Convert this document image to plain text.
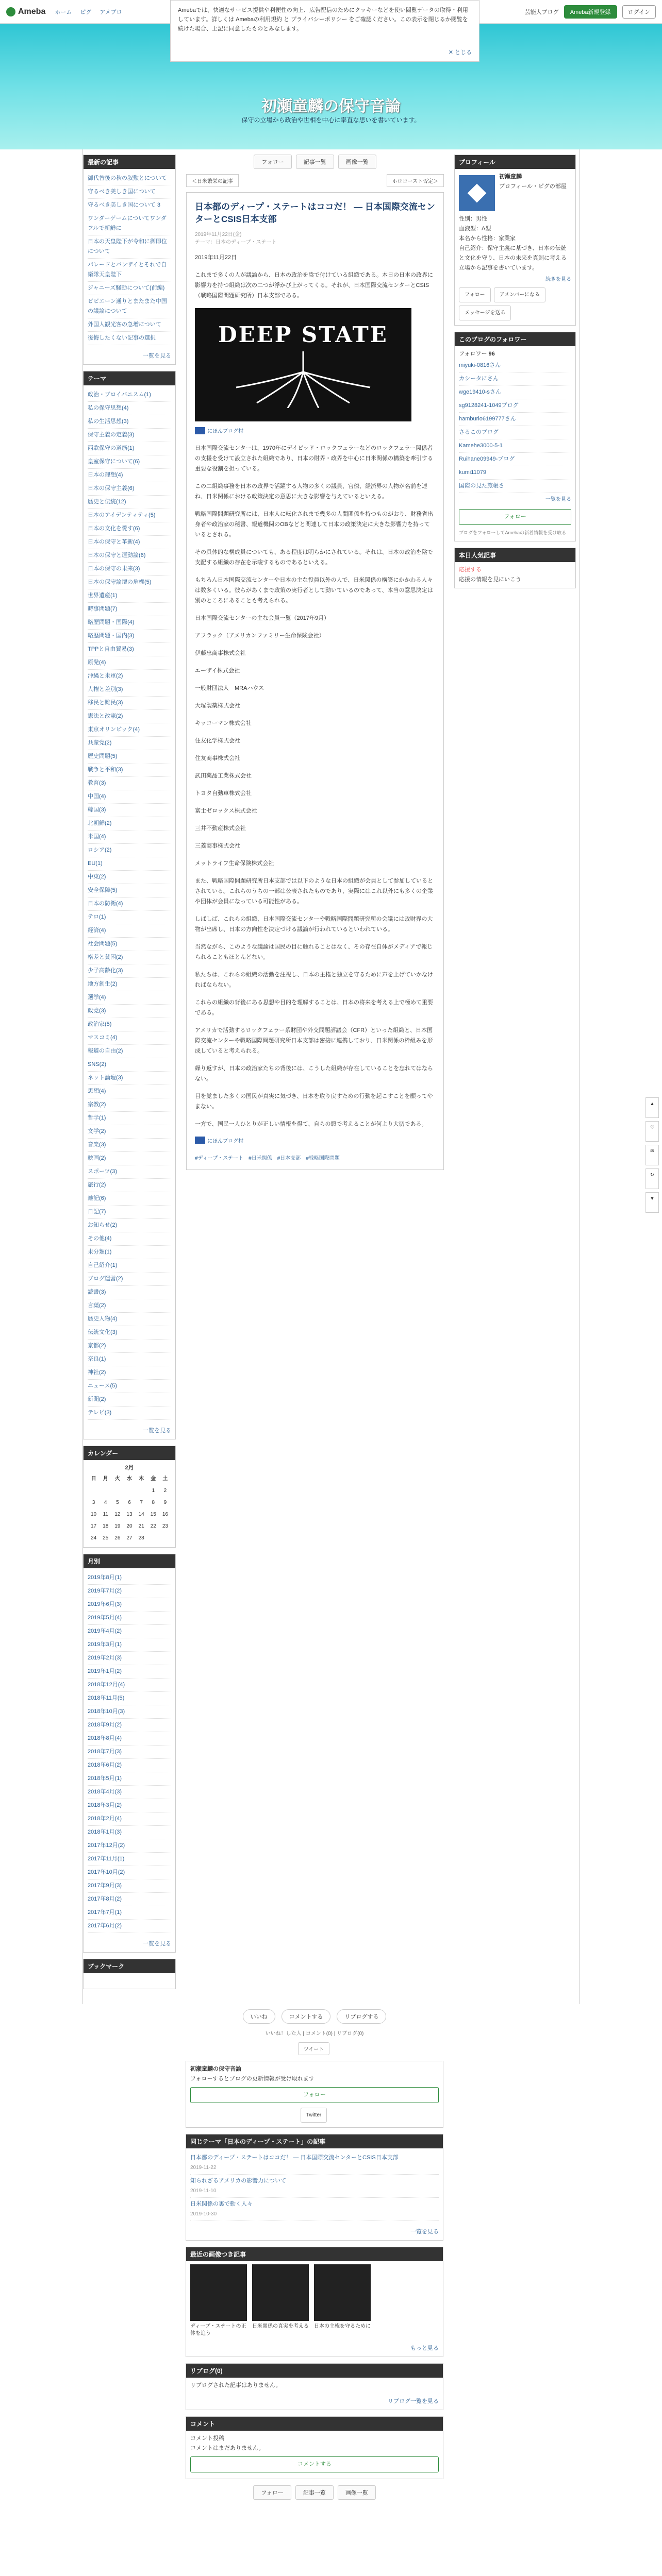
Ameba ホーム ピグ アメブロ	芸能人ブログ	Ameba新規登録	ログイン
Amebaでは、快適なサービス提供や利便性の向上、広告配信のためにクッキーなどを使い閲覧データの取得・利用しています。詳しくは Amebaの利用規約 と プライバシーポリシー をご確認ください。この表示を閉じるか閲覧を続けた場合、上記に同意したものとみなします。
✕ とじる
初瀬童麟の保守音論
保守の立場から政治や世相を中心に率直な思いを書いています。
最新の記事
御代替後の秋の叙勲とについて
守るべき美しき国について
守るべき美しき国について 3
ワンダーゲームについてワンダフルで新鮮に
日本の天皇陛下が令和に御即位について
パレードとバンザイとそれで自衛隊天皇陛下
ジャニーズ騒動について(前編)
ビビエーン通りとまたまた中国の議論について
外国人観光客の急増について
後悔したくない記事の選択
一覧を見る
テーマ
政治・ブロイバニスム(1)
私の保守思想(4)
私の生活思想(3)
保守主義の定義(3)
西欧保守の道筋(1)
皇室保守について(6)
日本の理想(4)
日本の保守主義(6)
歴史と伝統(12)
日本のアイデンティティ(5)
日本の文化を愛す(6)
日本の保守と革新(4)
日本の保守と運動論(6)
日本の保守の未来(3)
日本の保守論壇の危機(5)
世界遺産(1)
時事問題(7)
略歴問題・国際(4)
略歴問題・国内(3)
TPPと自由貿易(3)
原発(4)
沖縄と米軍(2)
人権と差別(3)
移民と難民(3)
憲法と改憲(2)
東京オリンピック(4)
共産党(2)
歴史問題(5)
戦争と平和(3)
教育(3)
中国(4)
韓国(3)
北朝鮮(2)
米国(4)
ロシア(2)
EU(1)
中東(2)
安全保障(5)
日本の防衛(4)
テロ(1)
経済(4)
社会問題(5)
格差と貧困(2)
少子高齢化(3)
地方創生(2)
選挙(4)
政党(3)
政治家(5)
マスコミ(4)
報道の自由(2)
SNS(2)
ネット論壇(3)
思想(4)
宗教(2)
哲学(1)
文学(2)
音楽(3)
映画(2)
スポーツ(3)
旅行(2)
雑記(6)
日記(7)
お知らせ(2)
その他(4)
未分類(1)
自己紹介(1)
ブログ運営(2)
読書(3)
言葉(2)
歴史人物(4)
伝統文化(3)
京都(2)
奈良(1)
神社(2)
ニュース(5)
新聞(2)
テレビ(3)
一覧を見る
カレンダー
2月
日	月	火	水	木	金	土
					1	2
3	4	5	6	7	8	9
10	11	12	13	14	15	16
17	18	19	20	21	22	23
24	25	26	27	28		
月別
2019年8月(1)
2019年7月(2)
2019年6月(3)
2019年5月(4)
2019年4月(2)
2019年3月(1)
2019年2月(3)
2019年1月(2)
2018年12月(4)
2018年11月(5)
2018年10月(3)
2018年9月(2)
2018年8月(4)
2018年7月(3)
2018年6月(2)
2018年5月(1)
2018年4月(3)
2018年3月(2)
2018年2月(4)
2018年1月(3)
2017年12月(2)
2017年11月(1)
2017年10月(2)
2017年9月(3)
2017年8月(2)
2017年7月(1)
2017年6月(2)
一覧を見る
ブックマーク
フォロー	記事一覧	画像一覧
＜日米繁栄の記事	ホロコースト否定＞
日本都のディープ・ステートはココだ！ ― 日本国際交流センターとCSIS日本支部
2019年11月22日(金)
テーマ：日本のディープ・ステート

2019年11月22日

これまで多くの人が議論から、日本の政治を陰で付けている組織である。本日の日本の政界に影響力を持つ組織は次の二つが浮かび上がってくる。それが、日本国際交流センターとCSIS（戦略国際問題研究所）日本支部である。

DEEP STATE
にほんブログ村

日本国際交流センターは、1970年にデイビッド・ロックフェラーなどのロックフェラー関係者の支援を受けて設立された組織であり、日本の財界・政界を中心に日米関係の構築を牽引する重要な役割を担っている。

この二組織事務を日本の政界で活躍する人物の多くの議員、官僚、経済界の人物が名前を連ね、日米関係における政策決定の意思に大きな影響を与えているといえる。

戦略国際問題研究所には、日本人に転化されまで幾多の人間関係を持つものがおり、財務省出身者や政治家の秘書、報道機関のOBなどと関連して日本の政策決定に大きな影響力を持っているとされる。

その具体的な構成員についても、ある程度は明らかにされている。それは、日本の政治を陰で支配する組織の存在を示唆するものであるといえる。

もちろん日本国際交流センターや日本の主な役員以外の人で、日米関係の構築にかかわる人々は数多くいる。彼らがあくまで政策の実行者として動いているのであって、本当の意思決定は別のところにあることも考えられる。

日本国際交流センターの主な会員一覧（2017年9月）

アフラック（アメリカンファミリー生命保険会社）

伊藤忠商事株式会社

エーザイ株式会社

一般財団法人　MRAハウス

大塚製薬株式会社

キッコーマン株式会社

住友化学株式会社

住友商事株式会社

武田薬品工業株式会社

トヨタ自動車株式会社

富士ゼロックス株式会社

三井不動産株式会社

三菱商事株式会社

メットライフ生命保険株式会社

また、戦略国際問題研究所日本支部では以下のような日本の組織が会員として参加しているとされている。これらのうちの一部は公表されたものであり、実際にはこれ以外にも多くの企業や団体が会員になっている可能性がある。

しばしば、これらの組織、日本国際交流センターや戦略国際問題研究所の会議には政財界の大物が出席し、日本の方向性を決定づける議論が行われているといわれている。

当然ながら、このような議論は国民の目に触れることはなく、その存在自体がメディアで報じられることもほとんどない。

私たちは、これらの組織の活動を注視し、日本の主権と独立を守るために声を上げていかなければならない。

これらの組織の背後にある思想や目的を理解することは、日本の将来を考える上で極めて重要である。

アメリカで活動するロックフェラー系財団や外交問題評議会（CFR）といった組織と、日本国際交流センターや戦略国際問題研究所日本支部は密接に連携しており、日米関係の枠組みを形成していると考えられる。

繰り返すが、日本の政治家たちの背後には、こうした組織が存在していることを忘れてはならない。

目を覚ました多くの国民が真実に気づき、日本を取り戻すための行動を起こすことを願ってやまない。

一方で、国民一人ひとりが正しい情報を得て、自らの頭で考えることが何より大切である。

にほんブログ村
#ディープ・ステート #日米関係 #日本支部 #戦略国際問題
プロフィール
初瀬童麟
ブロフィール・ピグの部屋
性別：男性
血液型：A型
本名から性格：家業家
自己紹介：保守主義に基づき、日本の伝統と文化を守り、日本の未来を真剣に考える立場から記事を書いています。
続きを見る
フォロー	アメンバーになる メッセージを送る
このブログのフォロワー
フォロワー 96
miyuki-0816さん
カシータにさん
wge19410-sさん
sg9128241-1049ブログ
hamburlo6199777さん
さるこのブログ
Kamehe3000-5-1
Ruihane09949-ブログ
kumi11079
国際の見た旅帳さ
一覧を見る
フォロー
ブログをフォローしてAmebaの新着情報を受け取る
本日人気記事
応援する
応援の情報を見にいこう
▲
♡
✉
↻
▼
いいね	コメントする	リブログする
いいね！した人 | コメント(0) | リブログ(0)
ツイート
初瀬童麟の保守音論
フォローするとブログの更新情報が受け取れます
フォロー
Twitter
同じテーマ「日本のディープ・ステート」の記事
日本都のディープ・ステートはココだ！ ― 日本国際交流センターとCSIS日本支部
2019-11-22
知られざるアメリカの影響力について
2019-11-10
日米関係の裏で動く人々
2019-10-30
一覧を見る
最近の画像つき記事
ディープ・ステートの正体を追う
日米関係の真実を考える 日本の主権を守るために
もっと見る
リブログ(0)
リブログされた記事はありません。
リブログ一覧を見る
コメント
コメント投稿
コメントはまだありません。
コメントする
フォロー	記事一覧	画像一覧
